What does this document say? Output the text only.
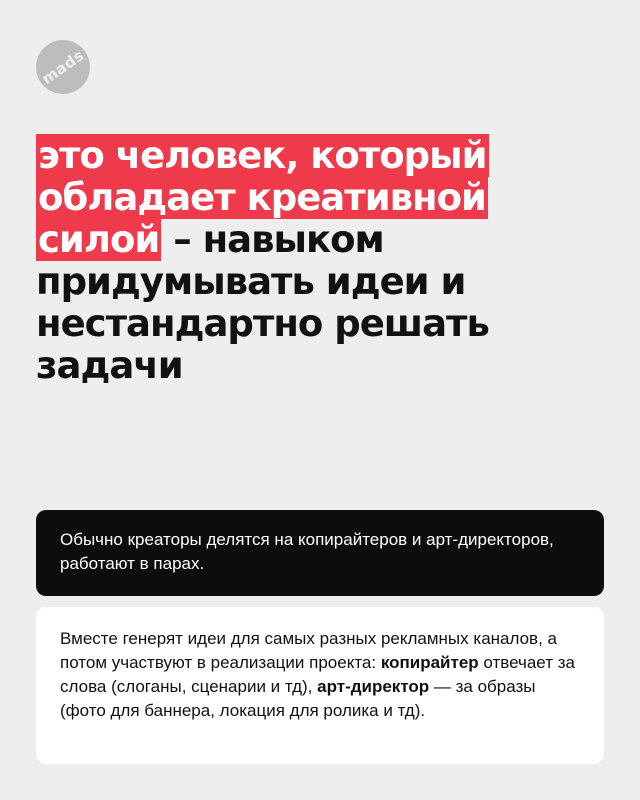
mads
это человек, который обладает креативной силой – навыком придумывать идеи и нестандартно решать задачи

Обычно креаторы делятся на копирайтеров и арт-директоров, работают в парах.

Вместе генерят идеи для самых разных рекламных каналов, а потом участвуют в реализации проекта: копирайтер отвечает за слова (слоганы, сценарии и тд), арт-директор — за образы (фото для баннера, локация для ролика и тд).
